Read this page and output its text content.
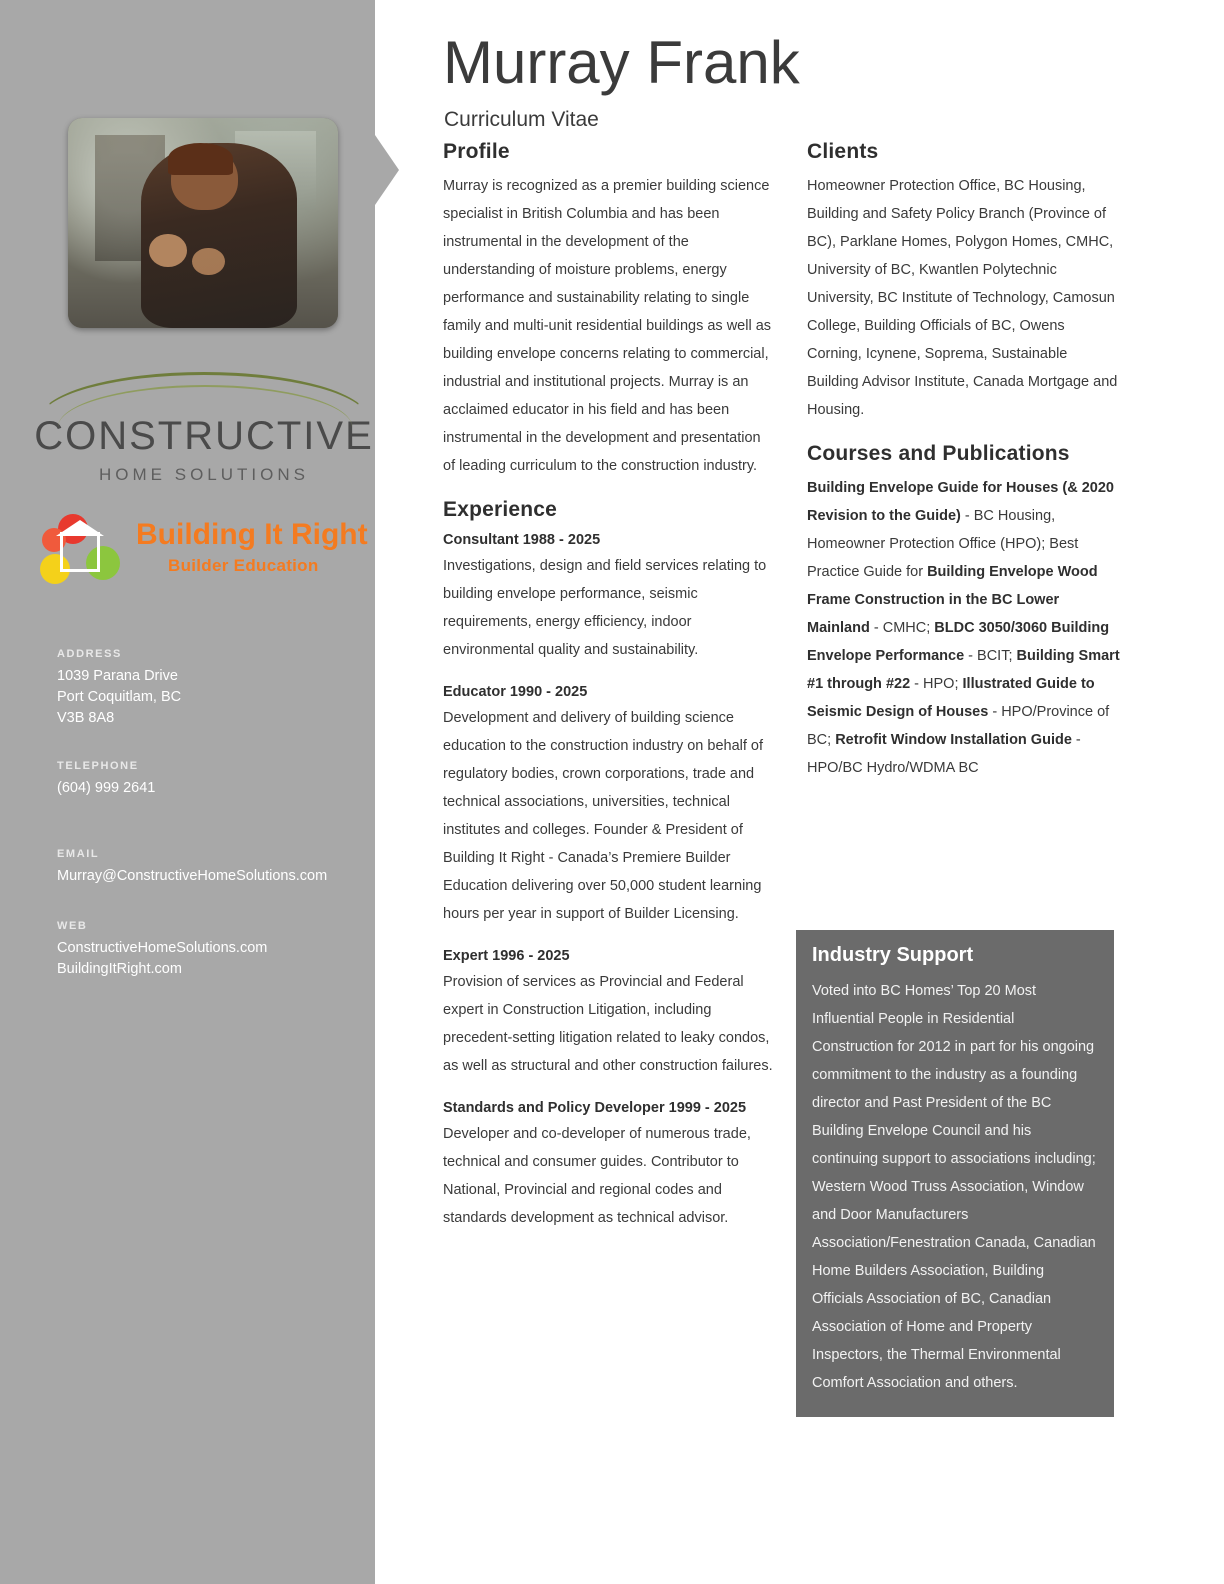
CONSTRUCTIVE
HOME SOLUTIONS
Building It Right
Builder Education
ADDRESS
1039 Parana Drive
Port Coquitlam, BC
V3B 8A8
TELEPHONE
(604) 999 2641
EMAIL
Murray@ConstructiveHomeSolutions.com
WEB
ConstructiveHomeSolutions.com
BuildingItRight.com
Murray Frank
Curriculum Vitae
Profile

Murray is recognized as a premier building science specialist in British Columbia and has been instrumental in the development of the understanding of moisture problems, energy performance and sustainability relating to single family and multi-unit residential buildings as well as building envelope concerns relating to commercial, industrial and institutional projects. Murray is an acclaimed educator in his field and has been instrumental in the development and presentation of leading curriculum to the construction industry.

Experience
Consultant 1988 - 2025

Investigations, design and field services relating to building envelope performance, seismic requirements, energy efficiency, indoor environmental quality and sustainability.

Educator 1990 - 2025

Development and delivery of building science education to the construction industry on behalf of regulatory bodies, crown corporations, trade and technical associations, universities, technical institutes and colleges. Founder & President of Building It Right - Canada’s Premiere Builder Education delivering over 50,000 student learning hours per year in support of Builder Licensing.

Expert 1996 - 2025

Provision of services as Provincial and Federal expert in Construction Litigation, including precedent-setting litigation related to leaky condos, as well as structural and other construction failures.

Standards and Policy Developer 1999 - 2025

Developer and co-developer of numerous trade, technical and consumer guides. Contributor to National, Provincial and regional codes and standards development as technical advisor.

Clients

Homeowner Protection Office, BC Housing, Building and Safety Policy Branch (Province of BC), Parklane Homes, Polygon Homes, CMHC, University of BC, Kwantlen Polytechnic University, BC Institute of Technology, Camosun College, Building Officials of BC, Owens Corning, Icynene, Soprema, Sustainable Building Advisor Institute, Canada Mortgage and Housing.

Courses and Publications

Building Envelope Guide for Houses (& 2020 Revision to the Guide) - BC Housing, Homeowner Protection Office (HPO); Best Practice Guide for Building Envelope Wood Frame Construction in the BC Lower Mainland - CMHC; BLDC 3050/3060 Building Envelope Performance - BCIT; Building Smart #1 through #22 - HPO; Illustrated Guide to Seismic Design of Houses - HPO/Province of BC; Retrofit Window Installation Guide - HPO/BC Hydro/WDMA BC

Industry Support

Voted into BC Homes’ Top 20 Most Influential People in Residential Construction for 2012 in part for his ongoing commitment to the industry as a founding director and Past President of the BC Building Envelope Council and his continuing support to associations including; Western Wood Truss Association, Window and Door Manufacturers Association/Fenestration Canada, Canadian Home Builders Association, Building Officials Association of BC, Canadian Association of Home and Property Inspectors, the Thermal Environmental Comfort Association and others.
